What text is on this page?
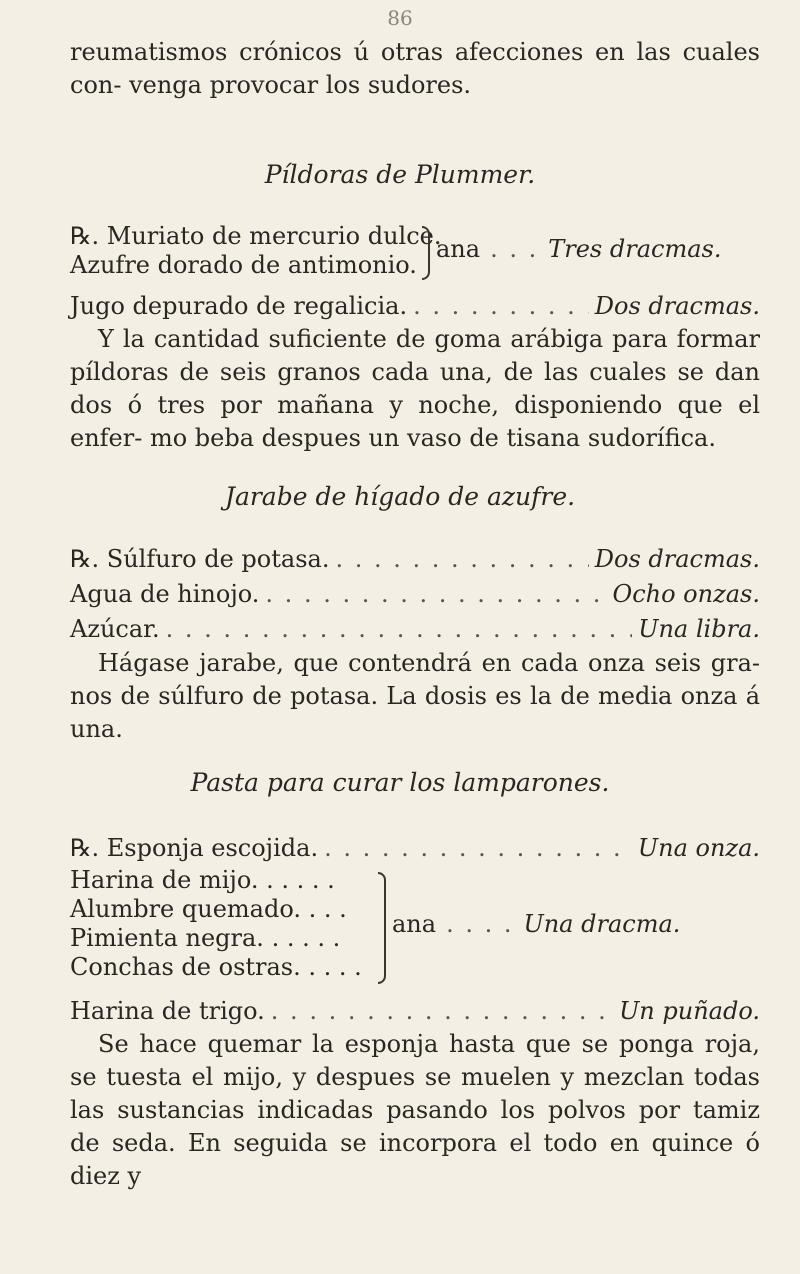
86

reumatismos crónicos ú otras afecciones en las cuales con- venga provocar los sudores.

Píldoras de Plummer.
℞. Muriato de mercurio dulce.
Azufre dorado de antimonio.
ana . . . Tres dracmas.
Jugo depurado de regalicia. . . .	Dos dracmas.

Y la cantidad suficiente de goma arábiga para formar píldoras de seis granos cada una, de las cuales se dan dos ó tres por mañana y noche, disponiendo que el enfer- mo beba despues un vaso de tisana sudorífica.

Jarabe de hígado de azufre.
℞. Súlfuro de potasa. . . .	Dos dracmas.
Agua de hinojo. . . .	Ocho onzas.
Azúcar. . . .	Una libra.

Hágase jarabe, que contendrá en cada onza seis gra- nos de súlfuro de potasa. La dosis es la de media onza á una.

Pasta para curar los lamparones.
℞. Esponja escojida. . . .	Una onza.
Harina de mijo. . . . . .
Alumbre quemado. . . .
Pimienta negra. . . . . .
Conchas de ostras. . . . .
ana . . . . Una dracma.
Harina de trigo. . . .	Un puñado.

Se hace quemar la esponja hasta que se ponga roja, se tuesta el mijo, y despues se muelen y mezclan todas las sustancias indicadas pasando los polvos por tamiz de seda. En seguida se incorpora el todo en quince ó diez y
